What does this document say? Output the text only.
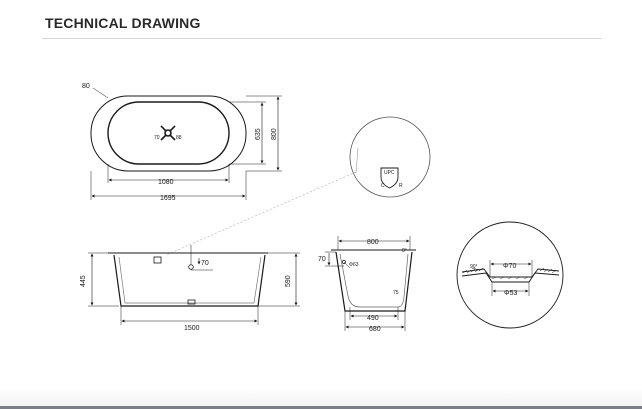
TECHNICAL DRAWING
80
1080
1695
635 800
70	88
UPC
C	R
445	590
1500
70
800
70
Φ63
490
680
75
8°
Φ70
Φ53
90°
